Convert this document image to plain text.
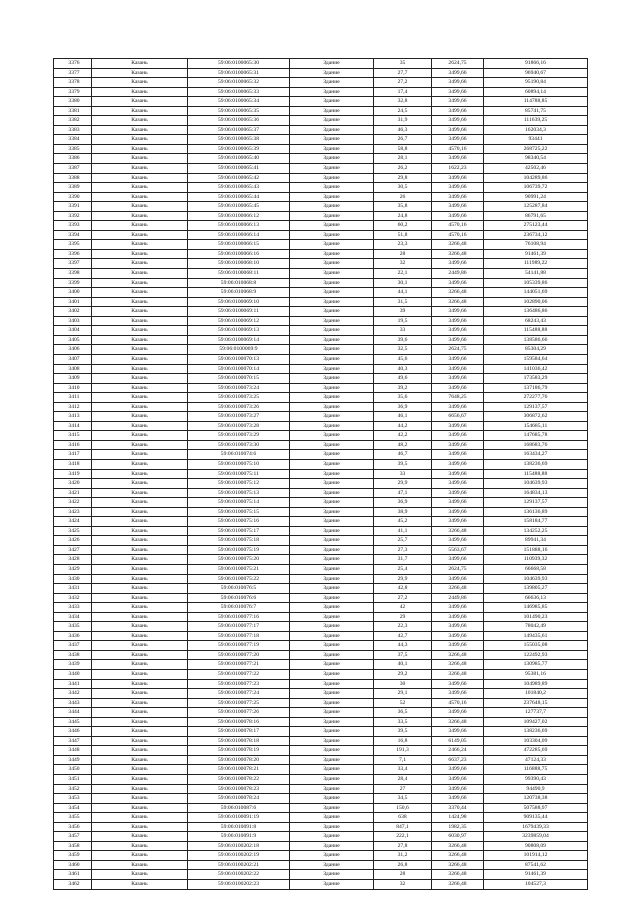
3376	Казань	59:06:0100065:30	Здание	35	2624,75	91866,16
3377	Казань	59:06:0100065:31	Здание	27,7	3499,66	96940,67
3378	Казань	59:06:0100065:32	Здание	27,2	3499,66	95190,84
3379	Казань	59:06:0100065:33	Здание	17,4	3499,66	60894,14
3380	Казань	59:06:0100065:34	Здание	32,8	3499,66	114788,85
3381	Казань	59:06:0100065:35	Здание	24,5	3499,66	85741,75
3382	Казань	59:06:0100065:36	Здание	31,9	3499,66	111639,25
3383	Казань	59:06:0100065:37	Здание	46,3	3499,66	162034,3
3384	Казань	59:06:0100065:38	Здание	26,7	3499,66	93441
3385	Казань	59:06:0100065:39	Здание	58,8	4570,16	268725,22
3386	Казань	59:06:0100065:40	Здание	28,1	3499,66	98340,54
3387	Казань	59:06:0100065:41	Здание	26,2	1622,23	42502,46
3388	Казань	59:06:0100065:42	Здание	29,8	3499,66	104289,86
3389	Казань	59:06:0100065:43	Здание	30,5	3499,66	106739,72
3390	Казань	59:06:0100065:44	Здание	26	3499,66	90991,24
3391	Казань	59:06:0100065:45	Здание	35,8	3499,66	125287,84
3392	Казань	59:06:0100066:12	Здание	24,8	3499,66	86791,65
3393	Казань	59:06:0100066:13	Здание	60,2	4570,16	275123,44
3394	Казань	59:06:0100066:14	Здание	51,8	4570,16	236734,12
3395	Казань	59:06:0100066:15	Здание	23,3	3266,48	76108,94
3396	Казань	59:06:0100066:16	Здание	28	3266,48	91461,39
3397	Казань	59:06:0100068:10	Здание	32	3499,66	111989,22
3398	Казань	59:06:0100068:11	Здание	22,1	2449,86	54141,88
3399	Казань	59:06:010068:8	Здание	30,1	3499,66	105339,86
3400	Казань	59:06:010068:9	Здание	44,1	3266,48	144051,69
3401	Казань	59:06:0100069:10	Здание	31,5	3266,48	102890,06
3402	Казань	59:06:0100069:11	Здание	39	3499,66	136486,86
3403	Казань	59:06:0100069:12	Здание	19,5	3499,66	68243,43
3404	Казань	59:06:0100069:13	Здание	33	3499,66	115488,88
3405	Казань	59:06:0100069:14	Здание	39,6	3499,66	138586,66
3406	Казань	59:06:0100069:9	Здание	32,5	2624,75	85304,29
3407	Казань	59:06:0100070:13	Здание	45,6	3499,66	159584,64
3408	Казань	59:06:0100070:14	Здание	40,3	3499,66	141036,42
3409	Казань	59:06:0100070:15	Здание	49,6	3499,66	173583,29
3410	Казань	59:06:0100073:24	Здание	39,2	3499,66	137186,79
3411	Казань	59:06:0100073:25	Здание	35,6	7648,25	272277,76
3412	Казань	59:06:0100073:26	Здание	36,9	3499,66	129137,57
3413	Казань	59:06:0100073:27	Здание	46,1	6656,67	306872,62
3414	Казань	59:06:0100073:28	Здание	44,2	3499,66	154685,11
3415	Казань	59:06:0100073:29	Здание	42,2	3499,66	147685,78
3416	Казань	59:06:0100073:30	Здание	48,2	3499,66	168683,76
3417	Казань	59:06:010074:6	Здание	46,7	3499,66	163434,27
3418	Казань	59:06:0100075:10	Здание	39,5	3499,66	138236,69
3419	Казань	59:06:0100075:11	Здание	33	3499,66	115488,88
3420	Казань	59:06:0100075:12	Здание	29,9	3499,66	104639,93
3421	Казань	59:06:0100075:13	Здание	47,1	3499,66	164834,13
3422	Казань	59:06:0100075:14	Здание	36,9	3499,66	129137,57
3423	Казань	59:06:0100075:15	Здание	38,9	3499,66	136136,89
3424	Казань	59:06:0100075:16	Здание	45,2	3499,66	158184,77
3425	Казань	59:06:0100075:17	Здание	41,1	3266,48	134252,25
3426	Казань	59:06:0100075:18	Здание	25,7	3499,66	89941,34
3427	Казань	59:06:0100075:19	Здание	27,3	5563,67	151888,16
3428	Казань	59:06:0100075:20	Здание	31,7	3499,66	110939,32
3429	Казань	59:06:0100075:21	Здание	25,4	2624,75	66668,58
3430	Казань	59:06:0100075:22	Здание	29,9	3499,66	104639,93
3431	Казань	59:06:010076:5	Здание	42,8	3266,48	139805,27
3432	Казань	59:06:010076:6	Здание	27,2	2449,86	66636,13
3433	Казань	59:06:010076:7	Здание	42	3499,66	146985,85
3434	Казань	59:06:0100077:16	Здание	29	3499,66	101490,23
3435	Казань	59:06:0100077:17	Здание	22,3	3499,66	78042,49
3436	Казань	59:06:0100077:18	Здание	42,7	3499,66	149435,61
3437	Казань	59:06:0100077:19	Здание	44,3	3499,66	155035,08
3438	Казань	59:06:0100077:20	Здание	37,5	3266,48	122492,93
3439	Казань	59:06:0100077:21	Здание	40,1	3266,48	130985,77
3440	Казань	59:06:0100077:22	Здание	29,2	3266,48	95381,16
3441	Казань	59:06:0100077:23	Здание	30	3499,66	104989,89
3442	Казань	59:06:0100077:24	Здание	29,1	3499,66	101840,2
3443	Казань	59:06:0100077:25	Здание	52	4570,16	237648,15
3444	Казань	59:06:0100077:26	Здание	36,5	3499,66	127737,7
3445	Казань	59:06:0100078:16	Здание	33,5	3266,48	109427,02
3446	Казань	59:06:0100078:17	Здание	39,5	3499,66	138236,69
3447	Казань	59:06:0100078:18	Здание	16,8	6149,05	103304,09
3448	Казань	59:06:0100078:19	Здание	191,3	2466,24	472285,69
3449	Казань	59:06:0100078:20	Здание	7,1	6637,23	47124,33
3450	Казань	59:06:0100078:21	Здание	33,4	3499,66	116888,75
3451	Казань	59:06:0100078:22	Здание	28,4	3499,66	99390,43
3452	Казань	59:06:0100078:23	Здание	27	3499,66	94490,9
3453	Казань	59:06:0100078:24	Здание	34,5	3499,66	120738,38
3454	Казань	59:06:010087:6	Здание	150,6	3370,44	507588,97
3455	Казань	59:06:0100091:19	Здание	638	1424,98	909135,44
3456	Казань	59:06:010091:8	Здание	847,1	1982,35	1679439,33
3457	Казань	59:06:010091:9	Здание	222,1	6030,97	3239859,04
3458	Казань	59:06:0100202:18	Здание	27,8	3266,48	90808,09
3459	Казань	59:06:0100202:19	Здание	31,2	3266,48	101914,12
3460	Казань	59:06:0100202:21	Здание	26,8	3266,48	87541,62
3461	Казань	59:06:0100202:22	Здание	28	3266,48	91461,39
3462	Казань	59:06:0100202:23	Здание	32	3266,48	104527,3
